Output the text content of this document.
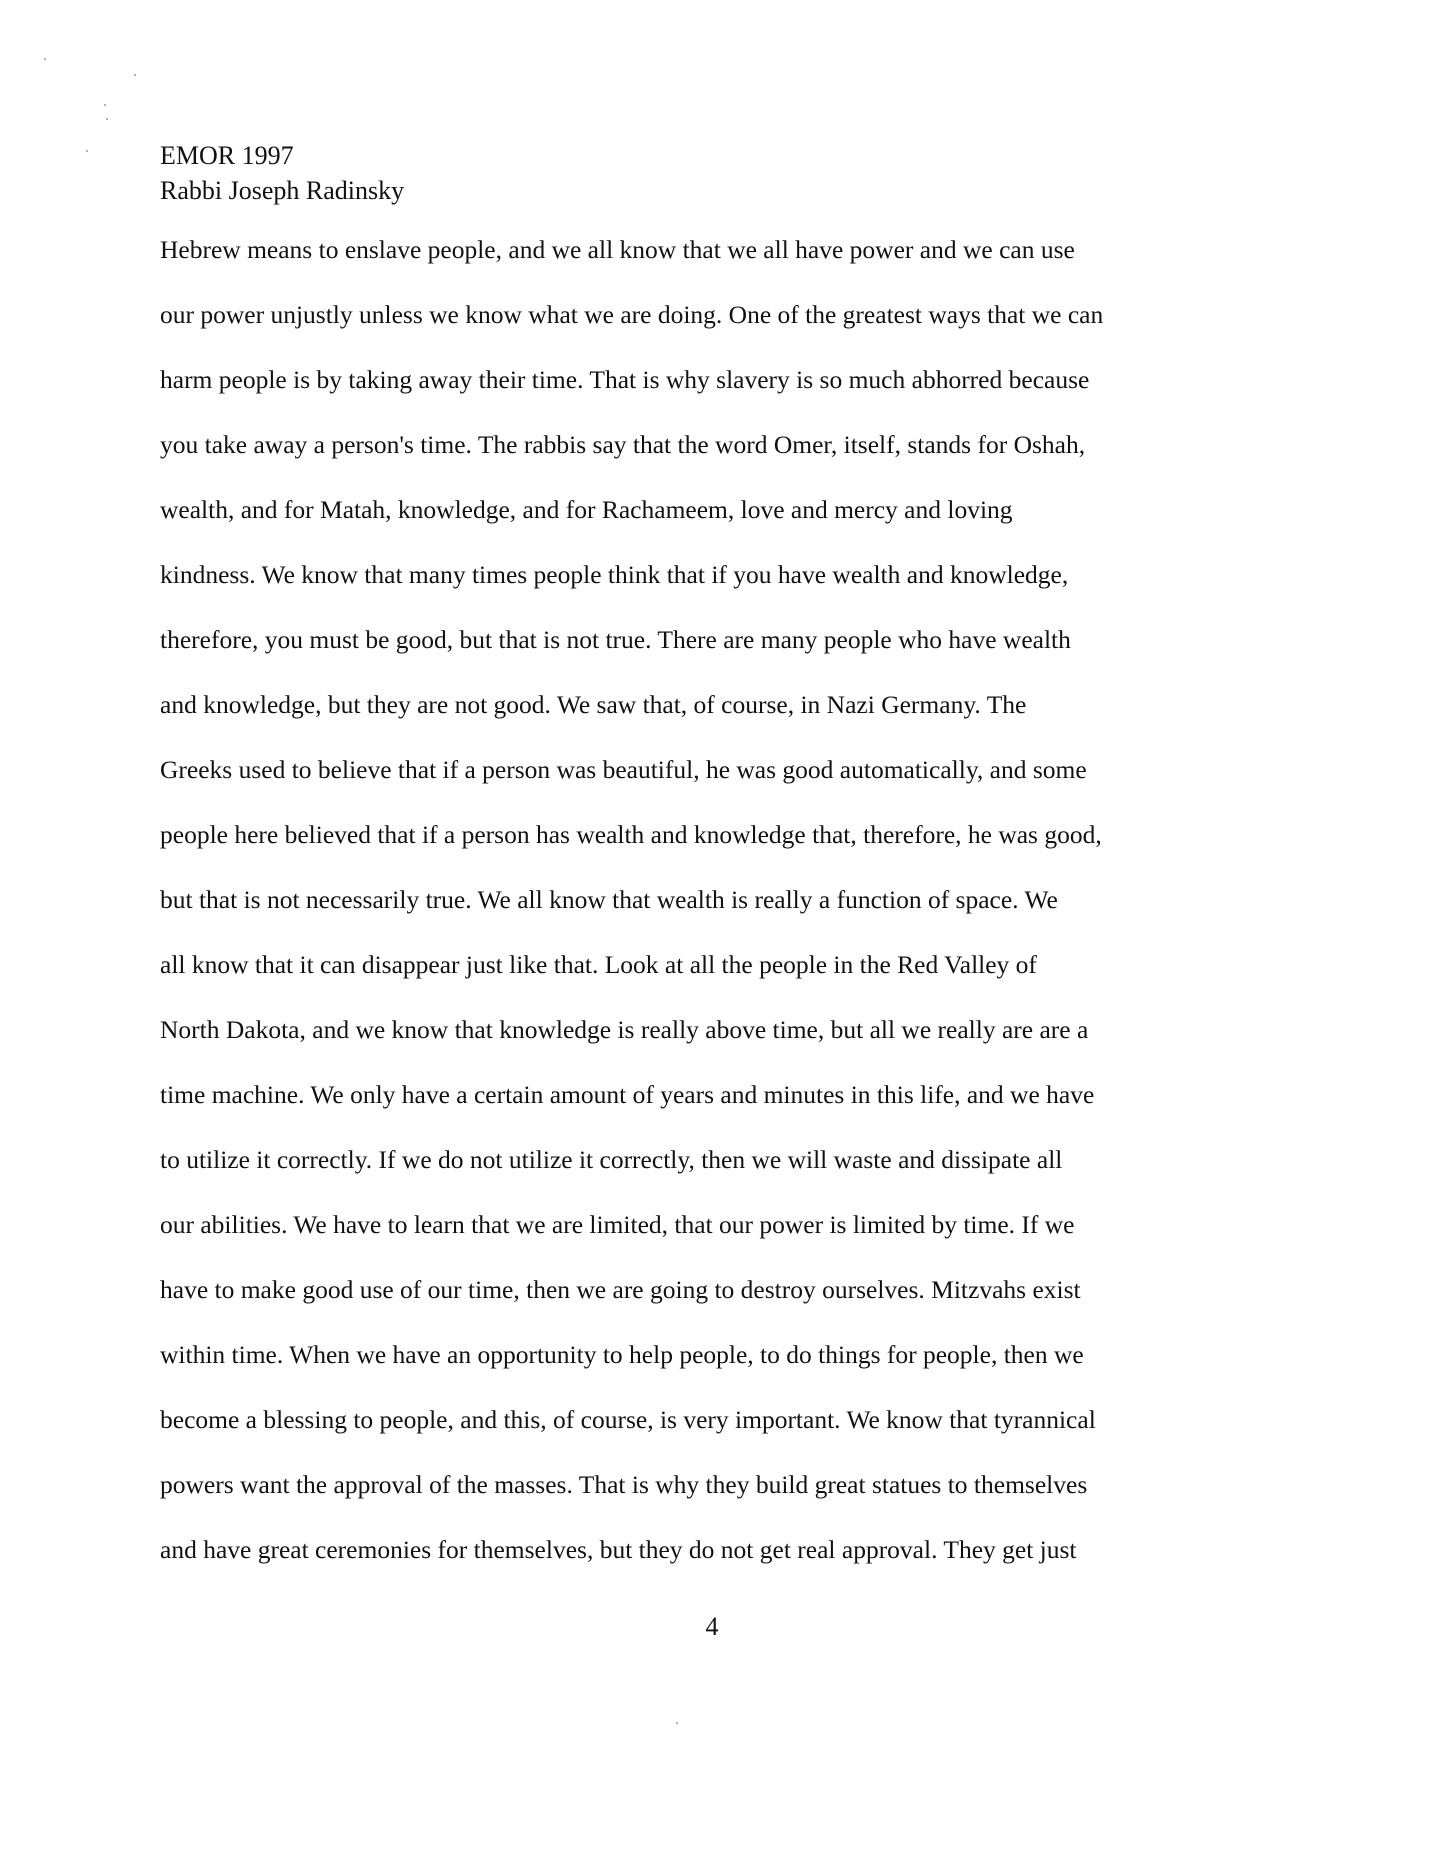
EMOR 1997
Rabbi Joseph Radinsky
Hebrew means to enslave people, and we all know that we all have power and we can use
our power unjustly unless we know what we are doing. One of the greatest ways that we can
harm people is by taking away their time. That is why slavery is so much abhorred because
you take away a person's time. The rabbis say that the word Omer, itself, stands for Oshah,
wealth, and for Matah, knowledge, and for Rachameem, love and mercy and loving
kindness. We know that many times people think that if you have wealth and knowledge,
therefore, you must be good, but that is not true. There are many people who have wealth
and knowledge, but they are not good. We saw that, of course, in Nazi Germany. The
Greeks used to believe that if a person was beautiful, he was good automatically, and some
people here believed that if a person has wealth and knowledge that, therefore, he was good,
but that is not necessarily true. We all know that wealth is really a function of space. We
all know that it can disappear just like that. Look at all the people in the Red Valley of
North Dakota, and we know that knowledge is really above time, but all we really are are a
time machine. We only have a certain amount of years and minutes in this life, and we have
to utilize it correctly. If we do not utilize it correctly, then we will waste and dissipate all
our abilities. We have to learn that we are limited, that our power is limited by time. If we
have to make good use of our time, then we are going to destroy ourselves. Mitzvahs exist
within time. When we have an opportunity to help people, to do things for people, then we
become a blessing to people, and this, of course, is very important. We know that tyrannical
powers want the approval of the masses. That is why they build great statues to themselves
and have great ceremonies for themselves, but they do not get real approval. They get just
4
